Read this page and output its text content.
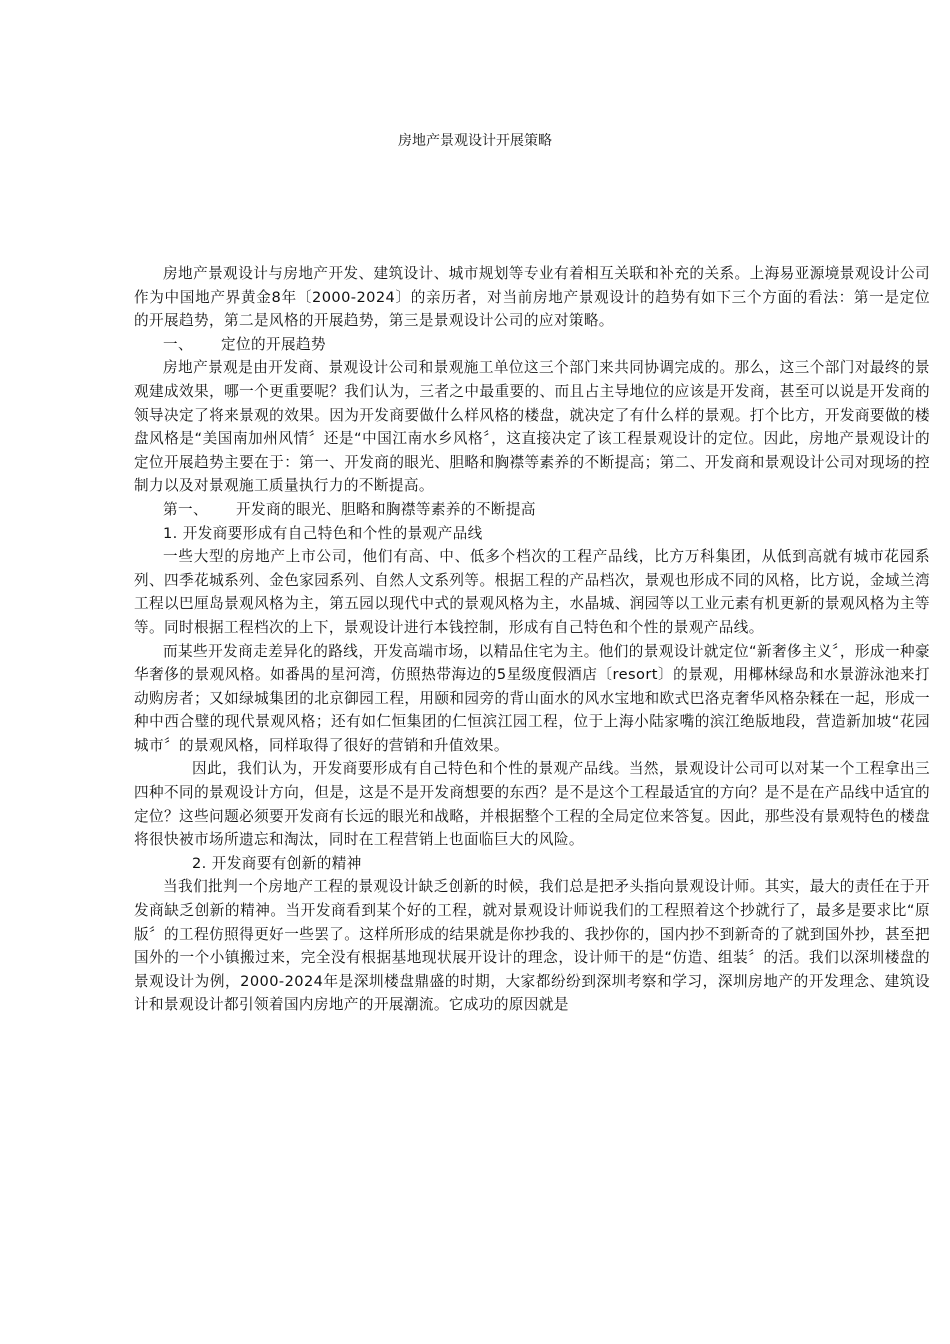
房地产景观设计开展策略

房地产景观设计与房地产开发、建筑设计、城市规划等专业有着相互关联和补充的关系。上海易亚源境景观设计公司作为中国地产界黄金8年〔2000-2024〕的亲历者，对当前房地产景观设计的趋势有如下三个方面的看法：第一是定位的开展趋势，第二是风格的开展趋势，第三是景观设计公司的应对策略。

一、 定位的开展趋势

房地产景观是由开发商、景观设计公司和景观施工单位这三个部门来共同协调完成的。那么，这三个部门对最终的景观建成效果，哪一个更重要呢？我们认为，三者之中最重要的、而且占主导地位的应该是开发商，甚至可以说是开发商的领导决定了将来景观的效果。因为开发商要做什么样风格的楼盘，就决定了有什么样的景观。打个比方，开发商要做的楼盘风格是“美国南加州风情〞还是“中国江南水乡风格〞，这直接决定了该工程景观设计的定位。因此，房地产景观设计的定位开展趋势主要在于：第一、开发商的眼光、胆略和胸襟等素养的不断提高；第二、开发商和景观设计公司对现场的控制力以及对景观施工质量执行力的不断提高。

第一、 开发商的眼光、胆略和胸襟等素养的不断提高

1. 开发商要形成有自己特色和个性的景观产品线

一些大型的房地产上市公司，他们有高、中、低多个档次的工程产品线，比方万科集团，从低到高就有城市花园系列、四季花城系列、金色家园系列、自然人文系列等。根据工程的产品档次，景观也形成不同的风格，比方说，金域兰湾工程以巴厘岛景观风格为主，第五园以现代中式的景观风格为主，水晶城、润园等以工业元素有机更新的景观风格为主等等。同时根据工程档次的上下，景观设计进行本钱控制，形成有自己特色和个性的景观产品线。

而某些开发商走差异化的路线，开发高端市场，以精品住宅为主。他们的景观设计就定位“新奢侈主义〞，形成一种豪华奢侈的景观风格。如番禺的星河湾，仿照热带海边的5星级度假酒店〔resort〕的景观，用椰林绿岛和水景游泳池来打动购房者；又如绿城集团的北京御园工程，用颐和园旁的背山面水的风水宝地和欧式巴洛克奢华风格杂糅在一起，形成一种中西合璧的现代景观风格；还有如仁恒集团的仁恒滨江园工程，位于上海小陆家嘴的滨江绝版地段，营造新加坡“花园城市〞的景观风格，同样取得了很好的营销和升值效果。

因此，我们认为，开发商要形成有自己特色和个性的景观产品线。当然，景观设计公司可以对某一个工程拿出三四种不同的景观设计方向，但是，这是不是开发商想要的东西？是不是这个工程最适宜的方向？是不是在产品线中适宜的定位？这些问题必须要开发商有长远的眼光和战略，并根据整个工程的全局定位来答复。因此，那些没有景观特色的楼盘将很快被市场所遗忘和淘汰，同时在工程营销上也面临巨大的风险。

2. 开发商要有创新的精神

当我们批判一个房地产工程的景观设计缺乏创新的时候，我们总是把矛头指向景观设计师。其实，最大的责任在于开发商缺乏创新的精神。当开发商看到某个好的工程，就对景观设计师说我们的工程照着这个抄就行了，最多是要求比“原版〞的工程仿照得更好一些罢了。这样所形成的结果就是你抄我的、我抄你的，国内抄不到新奇的了就到国外抄，甚至把国外的一个小镇搬过来，完全没有根据基地现状展开设计的理念，设计师干的是“仿造、组装〞的活。我们以深圳楼盘的景观设计为例，2000-2024年是深圳楼盘鼎盛的时期，大家都纷纷到深圳考察和学习，深圳房地产的开发理念、建筑设计和景观设计都引领着国内房地产的开展潮流。它成功的原因就是
